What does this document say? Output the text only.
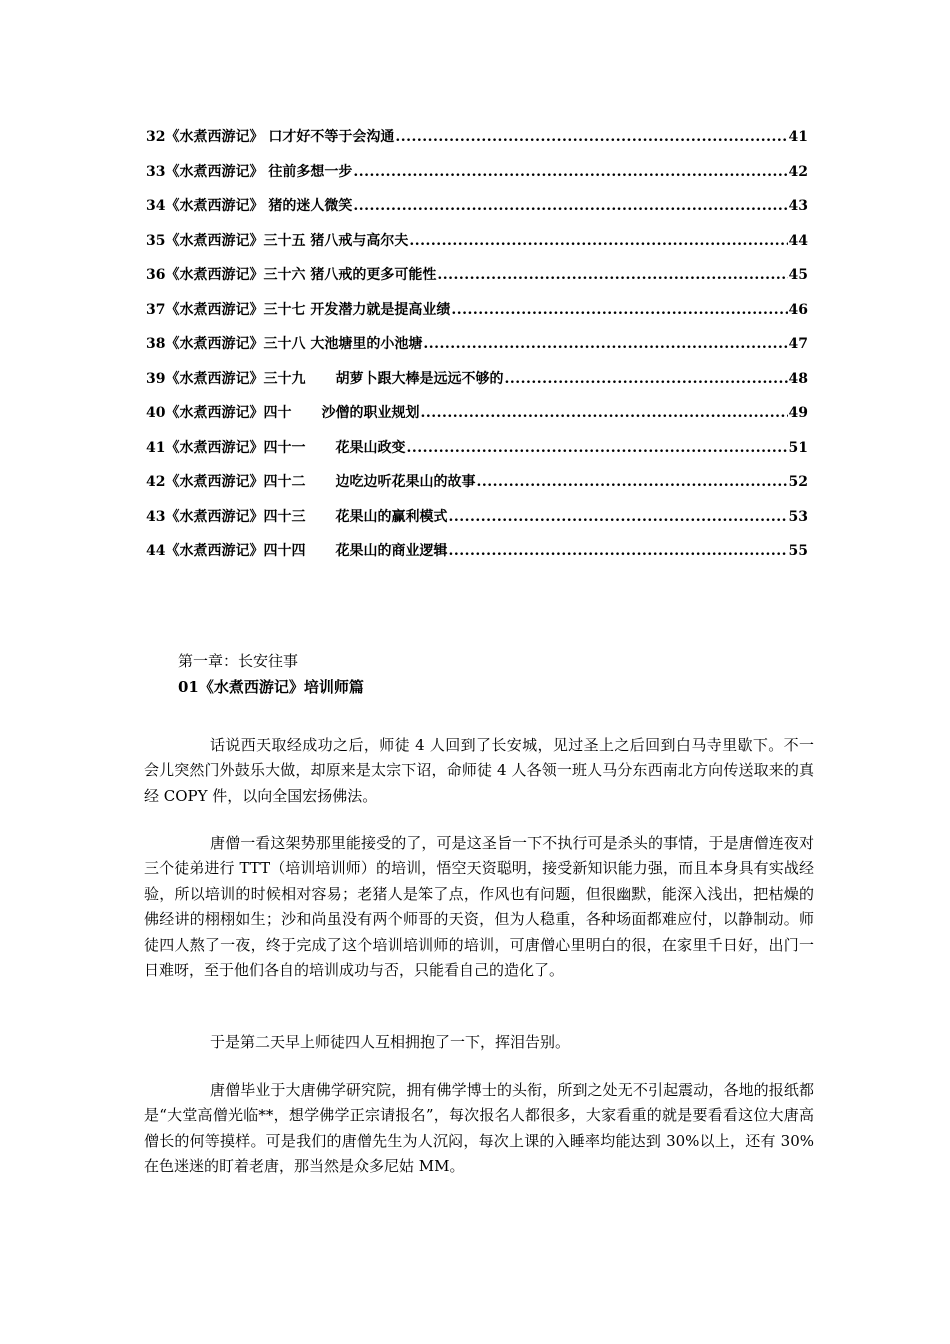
32《水煮西游记》 口才好不等于会沟通 .....	41
33《水煮西游记》 往前多想一步 .....	42
34《水煮西游记》 猪的迷人微笑 .....	43
35《水煮西游记》三十五 猪八戒与高尔夫 .....	44
36《水煮西游记》三十六 猪八戒的更多可能性 .....	45
37《水煮西游记》三十七 开发潜力就是提高业绩 .....	46
38《水煮西游记》三十八 大池塘里的小池塘 .....	47
39《水煮西游记》三十九 胡萝卜跟大棒是远远不够的 .....	48
40《水煮西游记》四十 沙僧的职业规划 .....	49
41《水煮西游记》四十一 花果山政变 .....	51
42《水煮西游记》四十二 边吃边听花果山的故事 .....	52
43《水煮西游记》四十三 花果山的赢利模式 .....	53
44《水煮西游记》四十四 花果山的商业逻辑 .....	55
第一章：长安往事
01《水煮西游记》培训师篇

话说西天取经成功之后，师徒 4 人回到了长安城，见过圣上之后回到白马寺里歇下。不一会儿突然门外鼓乐大做，却原来是太宗下诏，命师徒 4 人各领一班人马分东西南北方向传送取来的真经 COPY 件，以向全国宏扬佛法。

唐僧一看这架势那里能接受的了，可是这圣旨一下不执行可是杀头的事情，于是唐僧连夜对三个徒弟进行 TTT（培训培训师）的培训，悟空天资聪明，接受新知识能力强，而且本身具有实战经验，所以培训的时候相对容易；老猪人是笨了点，作风也有问题，但很幽默，能深入浅出，把枯燥的佛经讲的栩栩如生；沙和尚虽没有两个师哥的天资，但为人稳重，各种场面都难应付，以静制动。师徒四人熬了一夜，终于完成了这个培训培训师的培训，可唐僧心里明白的很，在家里千日好，出门一日难呀，至于他们各自的培训成功与否，只能看自己的造化了。

于是第二天早上师徒四人互相拥抱了一下，挥泪告别。

唐僧毕业于大唐佛学研究院，拥有佛学博士的头衔，所到之处无不引起震动，各地的报纸都是“大堂高僧光临**，想学佛学正宗请报名”，每次报名人都很多，大家看重的就是要看看这位大唐高僧长的何等摸样。可是我们的唐僧先生为人沉闷，每次上课的入睡率均能达到 30%以上，还有 30%在色迷迷的盯着老唐，那当然是众多尼姑 MM。
